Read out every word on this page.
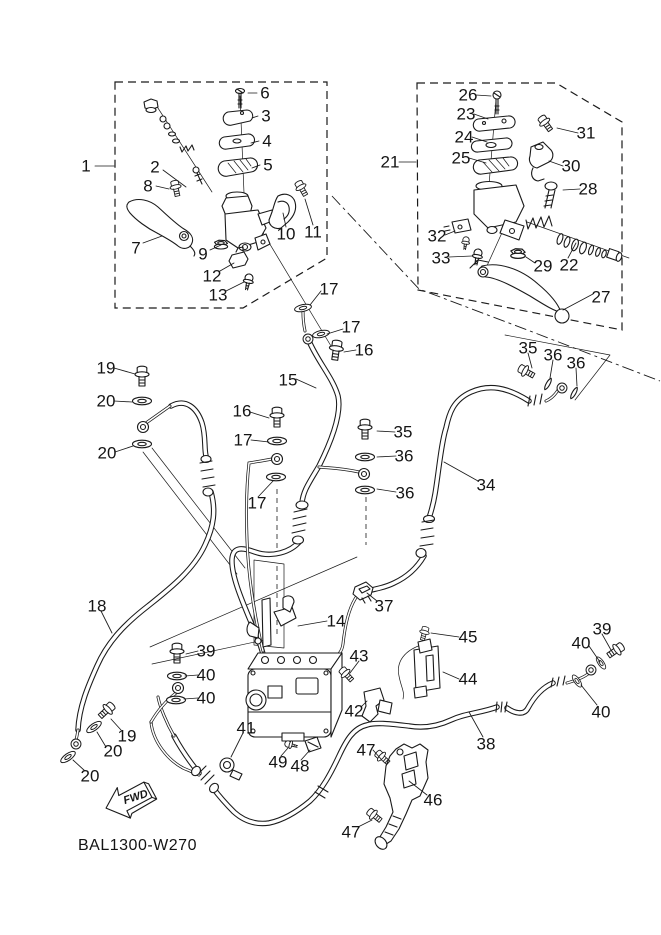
FWD
BAL1300-W270
1	2
3
4
5
6
7
8
9
10 11
12
13
14
15
16
16
17
17
17
17
18
19
19
20
20
20
20
21
22
23
24
25
26
27
28
29
30
31
32
33
34
35
35
36 36
36
36
37
38
39
39
40
40
40
40
41
42
43
44
45
46
47
47
48
49
